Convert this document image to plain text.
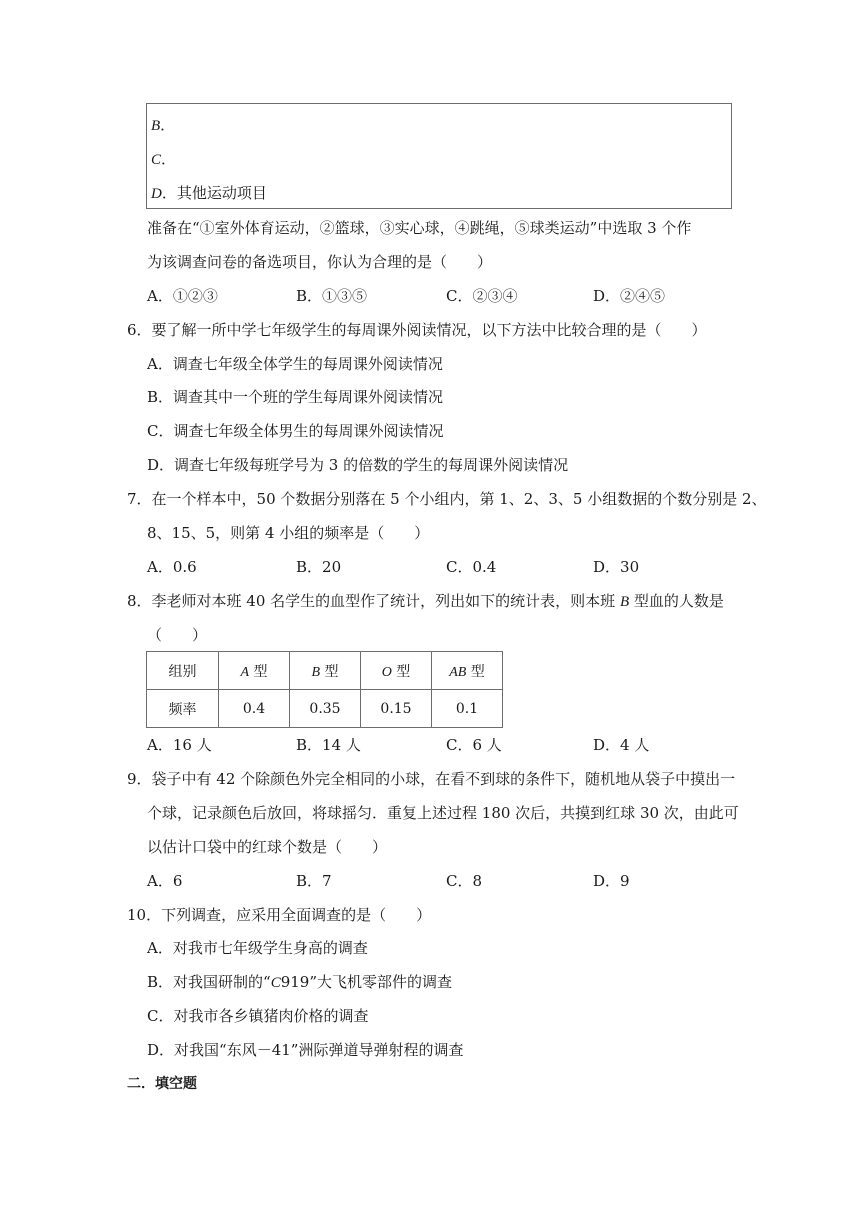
B．
C．
D．其他运动项目
准备在“①室外体育运动，②篮球，③实心球，④跳绳，⑤球类运动”中选取 3 个作
为该调查问卷的备选项目，你认为合理的是（　　）
A．①②③	B．①③⑤	C．②③④	D．②④⑤
6．要了解一所中学七年级学生的每周课外阅读情况，以下方法中比较合理的是（　　）
A．调查七年级全体学生的每周课外阅读情况
B．调查其中一个班的学生每周课外阅读情况
C．调查七年级全体男生的每周课外阅读情况
D．调查七年级每班学号为 3 的倍数的学生的每周课外阅读情况
7．在一个样本中，50 个数据分别落在 5 个小组内，第 1、2、3、5 小组数据的个数分别是 2、
8、15、5，则第 4 小组的频率是（　　）
A．0.6	B．20	C．0.4	D．30
8．李老师对本班 40 名学生的血型作了统计，列出如下的统计表，则本班 B 型血的人数是
（　　）
组别	A 型	B 型	O 型	AB 型
频率	0.4	0.35	0.15	0.1
A．16 人	B．14 人	C．6 人	D．4 人
9．袋子中有 42 个除颜色外完全相同的小球，在看不到球的条件下，随机地从袋子中摸出一
个球，记录颜色后放回，将球摇匀．重复上述过程 180 次后，共摸到红球 30 次，由此可
以估计口袋中的红球个数是（　　）
A．6	B．7	C．8	D．9
10．下列调查，应采用全面调查的是（　　）
A．对我市七年级学生身高的调查
B．对我国研制的“C919”大飞机零部件的调查
C．对我市各乡镇猪肉价格的调查
D．对我国“东风－41”洲际弹道导弹射程的调查
二．填空题
